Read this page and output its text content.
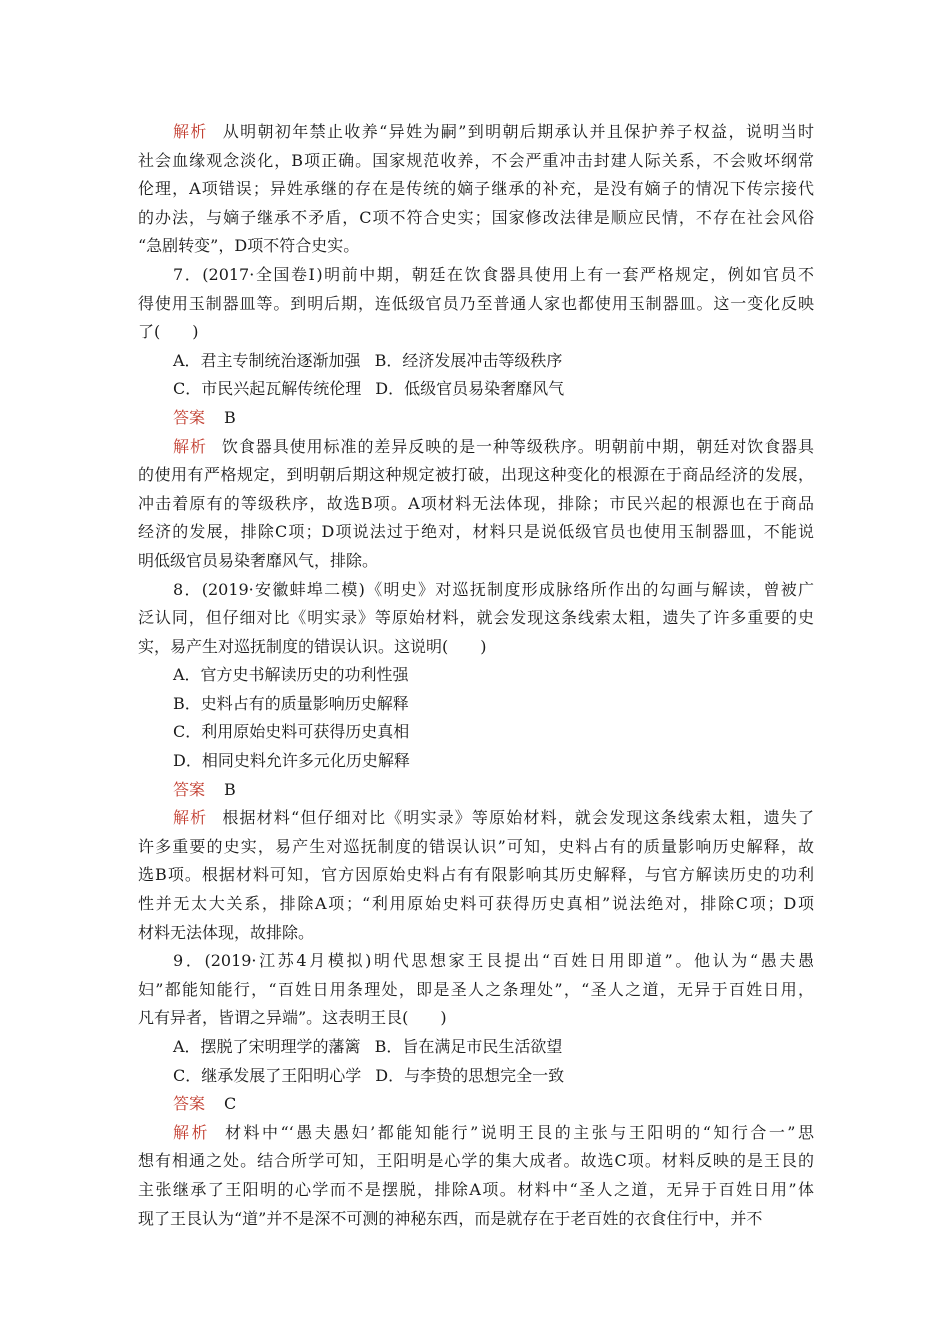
解析 从明朝初年禁止收养“异姓为嗣”到明朝后期承认并且保护养子权益，说明当时
社会血缘观念淡化，B项正确。国家规范收养，不会严重冲击封建人际关系，不会败坏纲常
伦理，A项错误；异姓承继的存在是传统的嫡子继承的补充，是没有嫡子的情况下传宗接代
的办法，与嫡子继承不矛盾，C项不符合史实；国家修改法律是顺应民情，不存在社会风俗
“急剧转变”，D项不符合史实。
7．(2017·全国卷Ⅰ)明前中期，朝廷在饮食器具使用上有一套严格规定，例如官员不
得使用玉制器皿等。到明后期，连低级官员乃至普通人家也都使用玉制器皿。这一变化反映
了(　　)
A．君主专制统治逐渐加强 B．经济发展冲击等级秩序
C．市民兴起瓦解传统伦理 D．低级官员易染奢靡风气
答案 B
解析 饮食器具使用标准的差异反映的是一种等级秩序。明朝前中期，朝廷对饮食器具
的使用有严格规定，到明朝后期这种规定被打破，出现这种变化的根源在于商品经济的发展，
冲击着原有的等级秩序，故选B项。A项材料无法体现，排除；市民兴起的根源也在于商品
经济的发展，排除C项；D项说法过于绝对，材料只是说低级官员也使用玉制器皿，不能说
明低级官员易染奢靡风气，排除。
8．(2019·安徽蚌埠二模)《明史》对巡抚制度形成脉络所作出的勾画与解读，曾被广
泛认同，但仔细对比《明实录》等原始材料，就会发现这条线索太粗，遗失了许多重要的史
实，易产生对巡抚制度的错误认识。这说明(　　)
A．官方史书解读历史的功利性强
B．史料占有的质量影响历史解释
C．利用原始史料可获得历史真相
D．相同史料允许多元化历史解释
答案 B
解析 根据材料“但仔细对比《明实录》等原始材料，就会发现这条线索太粗，遗失了
许多重要的史实，易产生对巡抚制度的错误认识”可知，史料占有的质量影响历史解释，故
选B项。根据材料可知，官方因原始史料占有有限影响其历史解释，与官方解读历史的功利
性并无太大关系，排除A项；“利用原始史料可获得历史真相”说法绝对，排除C项；D项
材料无法体现，故排除。
9．(2019·江苏4月模拟)明代思想家王艮提出“百姓日用即道”。他认为“愚夫愚
妇”都能知能行，“百姓日用条理处，即是圣人之条理处”，“圣人之道，无异于百姓日用，
凡有异者，皆谓之异端”。这表明王艮(　　)
A．摆脱了宋明理学的藩篱 B．旨在满足市民生活欲望
C．继承发展了王阳明心学 D．与李贽的思想完全一致
答案 C
解析 材料中“‘愚夫愚妇’都能知能行”说明王艮的主张与王阳明的“知行合一”思
想有相通之处。结合所学可知，王阳明是心学的集大成者。故选C项。材料反映的是王艮的
主张继承了王阳明的心学而不是摆脱，排除A项。材料中“圣人之道，无异于百姓日用”体
现了王艮认为“道”并不是深不可测的神秘东西，而是就存在于老百姓的衣食住行中，并不
